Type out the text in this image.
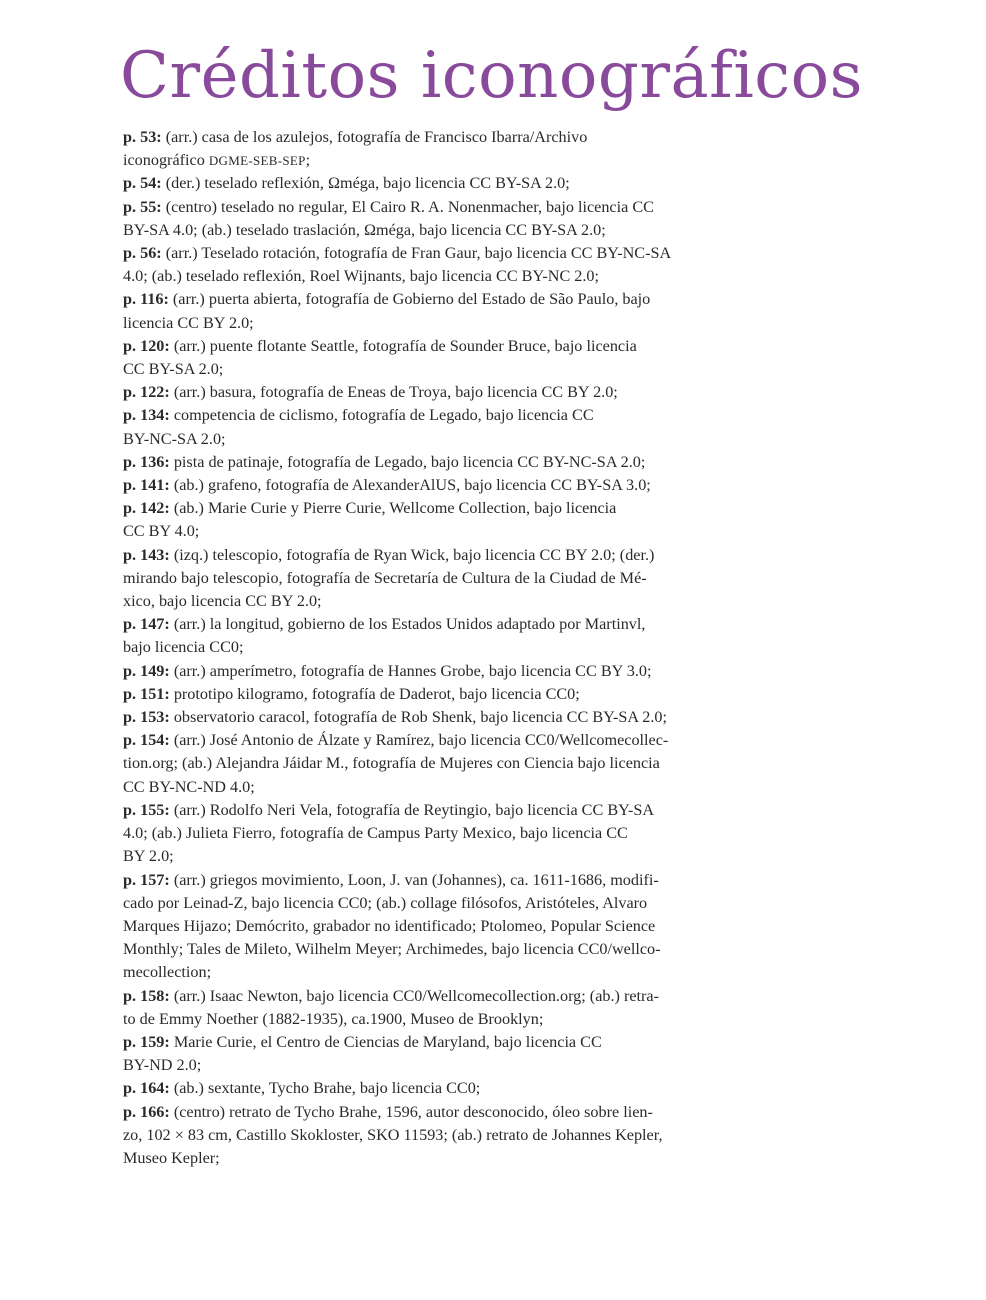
Créditos iconográficos

p. 53: (arr.) casa de los azulejos, fotografía de Francisco Ibarra/Archivo
iconográfico DGME-SEB-SEP;

p. 54: (der.) teselado reflexión, Ωméga, bajo licencia CC BY-SA 2.0;

p. 55: (centro) teselado no regular, El Cairo R. A. Nonenmacher, bajo licencia CC
BY-SA 4.0; (ab.) teselado traslación, Ωméga, bajo licencia CC BY-SA 2.0;

p. 56: (arr.) Teselado rotación, fotografía de Fran Gaur, bajo licencia CC BY-NC-SA
4.0; (ab.) teselado reflexión, Roel Wijnants, bajo licencia CC BY-NC 2.0;

p. 116: (arr.) puerta abierta, fotografía de Gobierno del Estado de São Paulo, bajo
licencia CC BY 2.0;

p. 120: (arr.) puente flotante Seattle, fotografía de Sounder Bruce, bajo licencia
CC BY-SA 2.0;

p. 122: (arr.) basura, fotografía de Eneas de Troya, bajo licencia CC BY 2.0;

p. 134: competencia de ciclismo, fotografía de Legado, bajo licencia CC
BY-NC-SA 2.0;

p. 136: pista de patinaje, fotografía de Legado, bajo licencia CC BY-NC-SA 2.0;

p. 141: (ab.) grafeno, fotografía de AlexanderAlUS, bajo licencia CC BY-SA 3.0;

p. 142: (ab.) Marie Curie y Pierre Curie, Wellcome Collection, bajo licencia
CC BY 4.0;

p. 143: (izq.) telescopio, fotografía de Ryan Wick, bajo licencia CC BY 2.0; (der.)
mirando bajo telescopio, fotografía de Secretaría de Cultura de la Ciudad de Mé-
xico, bajo licencia CC BY 2.0;

p. 147: (arr.) la longitud, gobierno de los Estados Unidos adaptado por Martinvl,
bajo licencia CC0;

p. 149: (arr.) amperímetro, fotografía de Hannes Grobe, bajo licencia CC BY 3.0;

p. 151: prototipo kilogramo, fotografía de Daderot, bajo licencia CC0;

p. 153: observatorio caracol, fotografía de Rob Shenk, bajo licencia CC BY-SA 2.0;

p. 154: (arr.) José Antonio de Álzate y Ramírez, bajo licencia CC0/Wellcomecollec-
tion.org; (ab.) Alejandra Jáidar M., fotografía de Mujeres con Ciencia bajo licencia
CC BY-NC-ND 4.0;

p. 155: (arr.) Rodolfo Neri Vela, fotografía de Reytingio, bajo licencia CC BY-SA
4.0; (ab.) Julieta Fierro, fotografía de Campus Party Mexico, bajo licencia CC
BY 2.0;

p. 157: (arr.) griegos movimiento, Loon, J. van (Johannes), ca. 1611-1686, modifi-
cado por Leinad-Z, bajo licencia CC0; (ab.) collage filósofos, Aristóteles, Alvaro
Marques Hijazo; Demócrito, grabador no identificado; Ptolomeo, Popular Science
Monthly; Tales de Mileto, Wilhelm Meyer; Archimedes, bajo licencia CC0/wellco-
mecollection;

p. 158: (arr.) Isaac Newton, bajo licencia CC0/Wellcomecollection.org; (ab.) retra-
to de Emmy Noether (1882-1935), ca.1900, Museo de Brooklyn;

p. 159: Marie Curie, el Centro de Ciencias de Maryland, bajo licencia CC
BY-ND 2.0;

p. 164: (ab.) sextante, Tycho Brahe, bajo licencia CC0;

p. 166: (centro) retrato de Tycho Brahe, 1596, autor desconocido, óleo sobre lien-
zo, 102 × 83 cm, Castillo Skokloster, SKO 11593; (ab.) retrato de Johannes Kepler,
Museo Kepler;
